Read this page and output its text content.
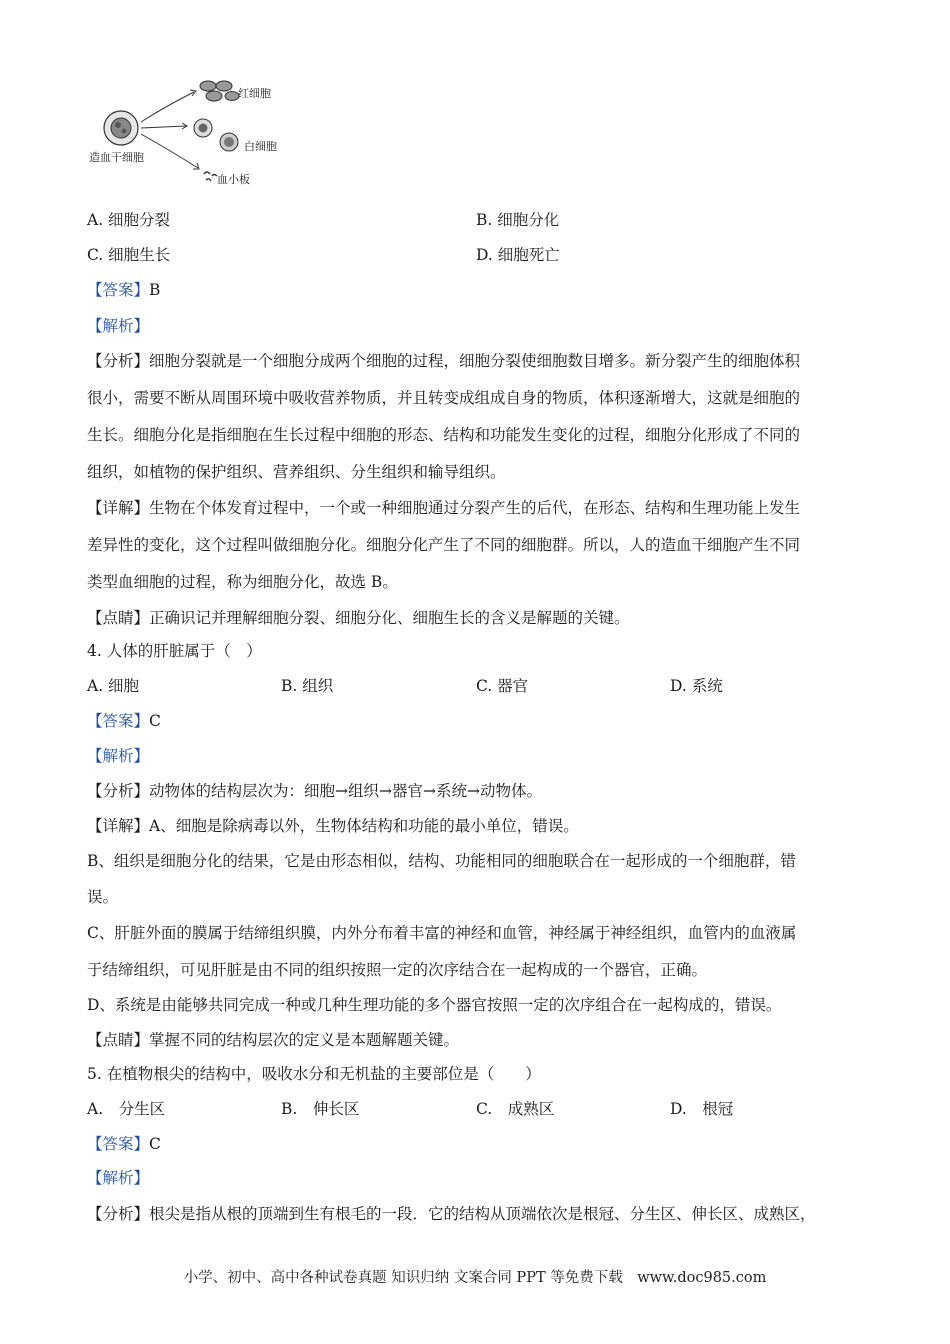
红细胞
白细胞
血小板
造血干细胞
A. 细胞分裂	B. 细胞分化
C. 细胞生长	D. 细胞死亡
【答案】B
【解析】
【分析】细胞分裂就是一个细胞分成两个细胞的过程，细胞分裂使细胞数目增多。新分裂产生的细胞体积
很小，需要不断从周围环境中吸收营养物质，并且转变成组成自身的物质，体积逐渐增大，这就是细胞的
生长。细胞分化是指细胞在生长过程中细胞的形态、结构和功能发生变化的过程，细胞分化形成了不同的
组织，如植物的保护组织、营养组织、分生组织和输导组织。
【详解】生物在个体发育过程中，一个或一种细胞通过分裂产生的后代，在形态、结构和生理功能上发生
差异性的变化，这个过程叫做细胞分化。细胞分化产生了不同的细胞群。所以，人的造血干细胞产生不同
类型血细胞的过程，称为细胞分化，故选 B。
【点睛】正确识记并理解细胞分裂、细胞分化、细胞生长的含义是解题的关键。
4. 人体的肝脏属于（　）
A. 细胞	B. 组织	C. 器官	D. 系统
【答案】C
【解析】
【分析】动物体的结构层次为：细胞→组织→器官→系统→动物体。
【详解】A、细胞是除病毒以外，生物体结构和功能的最小单位，错误。
B、组织是细胞分化的结果，它是由形态相似，结构、功能相同的细胞联合在一起形成的一个细胞群，错
误。
C、肝脏外面的膜属于结缔组织膜，内外分布着丰富的神经和血管，神经属于神经组织，血管内的血液属
于结缔组织，可见肝脏是由不同的组织按照一定的次序结合在一起构成的一个器官，正确。
D、系统是由能够共同完成一种或几种生理功能的多个器官按照一定的次序组合在一起构成的，错误。
【点睛】掌握不同的结构层次的定义是本题解题关键。
5. 在植物根尖的结构中，吸收水分和无机盐的主要部位是（　　）
A.　分生区	B.　伸长区	C.　成熟区	D.　根冠
【答案】C
【解析】
【分析】根尖是指从根的顶端到生有根毛的一段．它的结构从顶端依次是根冠、分生区、伸长区、成熟区，
小学、初中、高中各种试卷真题 知识归纳 文案合同 PPT 等免费下载　www.doc985.com
